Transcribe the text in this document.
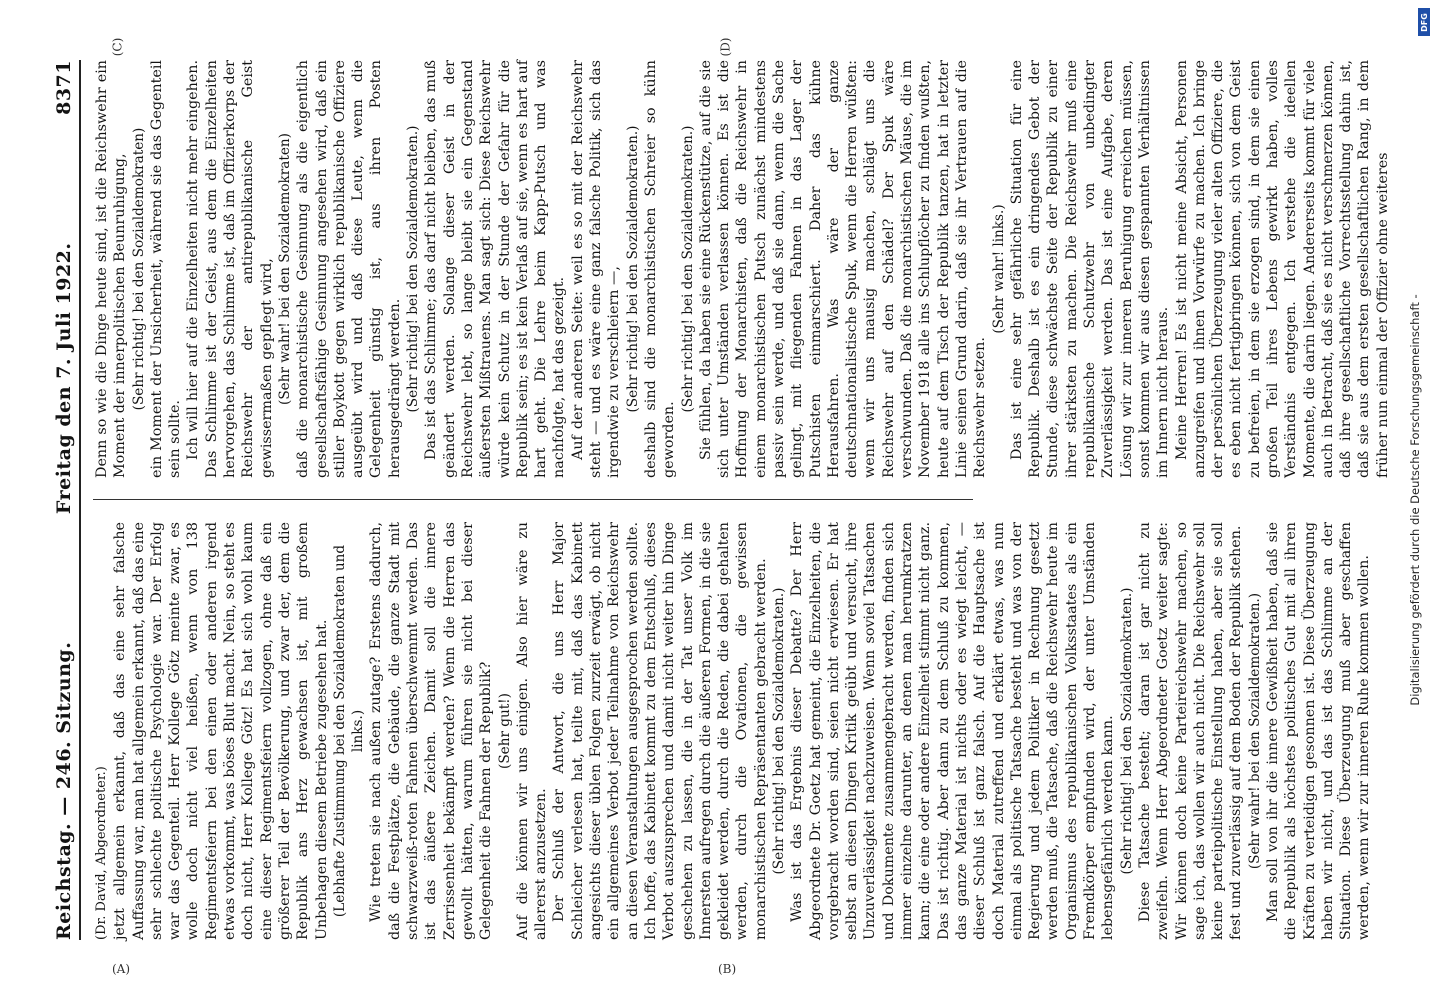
Reichstag. — 246. Sitzung.
Freitag den 7. Juli 1922.
8371

(Dr. David, Abgeordneter.) jetzt allgemein erkannt, daß das eine sehr falsche Auffassung war, man hat allgemein erkannt, daß das eine sehr schlechte politische Psychologie war. Der Erfolg war das Gegenteil. Herr Kollege Götz meinte zwar, es wolle doch nicht viel heißen, wenn von 138 Regimentsfeiern bei den einen oder anderen irgend etwas vorkommt, was böses Blut macht. Nein, so steht es doch nicht, Herr Kollege Götz! Es hat sich wohl kaum eine dieser Regimentsfeiern vollzogen, ohne daß ein größerer Teil der Bevölkerung, und zwar der, dem die Republik ans Herz gewachsen ist, mit großem Unbehagen diesem Betriebe zugesehen hat. (Lebhafte Zustimmung bei den Sozialdemokraten und links.) Wie treten sie nach außen zutage? Erstens dadurch, daß die Festplätze, die Gebäude, die ganze Stadt mit schwarzweiß-roten Fahnen überschwemmt werden. Das ist das äußere Zeichen. Damit soll die innere Zerrissenheit bekämpft werden? Wenn die Herren das gewollt hätten, warum führen sie nicht bei dieser Gelegenheit die Fahnen der Republik? (Sehr gut!) Auf die können wir uns einigen. Also hier wäre zu allererst anzusetzen. Der Schluß der Antwort, die uns Herr Major Schleicher verlesen hat, teilte mit, daß das Kabinett angesichts dieser üblen Folgen zurzeit erwägt, ob nicht ein allgemeines Verbot jeder Teilnahme von Reichswehr an diesen Veranstaltungen ausgesprochen werden sollte. Ich hoffe, das Kabinett kommt zu dem Entschluß, dieses Verbot auszusprechen und damit nicht weiter hin Dinge geschehen zu lassen, die in der Tat unser Volk im Innersten aufregen durch die äußeren Formen, in die sie gekleidet werden, durch die Reden, die dabei gehalten werden, durch die Ovationen, die gewissen monarchistischen Repräsentanten gebracht werden. (Sehr richtig! bei den Sozialdemokraten.) Was ist das Ergebnis dieser Debatte? Der Herr Abgeordnete Dr. Goetz hat gemeint, die Einzelheiten, die vorgebracht worden sind, seien nicht erwiesen. Er hat selbst an diesen Dingen Kritik geübt und versucht, ihre Unzuverlässigkeit nachzuweisen. Wenn soviel Tatsachen und Dokumente zusammengebracht werden, finden sich immer einzelne darunter, an denen man herumkratzen kann; die eine oder andere Einzelheit stimmt nicht ganz. Das ist richtig. Aber dann zu dem Schluß zu kommen, das ganze Material ist nichts oder es wiegt leicht, — dieser Schluß ist ganz falsch. Auf die Hauptsache ist doch Material zutreffend und erklärt etwas, was nun einmal als politische Tatsache besteht und was von der Regierung und jedem Politiker in Rechnung gesetzt werden muß, die Tatsache, daß die Reichswehr heute im Organismus des republikanischen Volksstaates als ein Fremdkörper empfunden wird, der unter Umständen lebensgefährlich werden kann. (Sehr richtig! bei den Sozialdemokraten.) Diese Tatsache besteht; daran ist gar nicht zu zweifeln. Wenn Herr Abgeordneter Goetz weiter sagte: Wir können doch keine Parteireichswehr machen, so sage ich, das wollen wir auch nicht. Die Reichswehr soll keine parteipolitische Einstellung haben, aber sie soll fest und zuverlässig auf dem Boden der Republik stehen. (Sehr wahr! bei den Sozialdemokraten.) Man soll von ihr die innere Gewißheit haben, daß sie die Republik als höchstes politisches Gut mit all ihren Kräften zu verteidigen gesonnen ist. Diese Überzeugung haben wir nicht, und das ist das Schlimme an der Situation. Diese Überzeugung muß aber geschaffen werden, wenn wir zur inneren Ruhe kommen wollen.

Denn so wie die Dinge heute sind, ist die Reichswehr ein Moment der innerpolitischen Beunruhigung, (Sehr richtig! bei den Sozialdemokraten) ein Moment der Unsicherheit, während sie das Gegenteil sein sollte. Ich will hier auf die Einzelheiten nicht mehr eingehen. Das Schlimme ist der Geist, aus dem die Einzelheiten hervorgehen, das Schlimme ist, daß im Offizierkorps der Reichswehr der antirepublikanische Geist gewissermaßen gepflegt wird, (Sehr wahr! bei den Sozialdemokraten) daß die monarchistische Gesinnung als die eigentlich gesellschaftsfähige Gesinnung angesehen wird, daß ein stiller Boykott gegen wirklich republikanische Offiziere ausgeübt wird und daß diese Leute, wenn die Gelegenheit günstig ist, aus ihren Posten herausgedrängt werden. (Sehr richtig! bei den Sozialdemokraten.) Das ist das Schlimme; das darf nicht bleiben, das muß geändert werden. Solange dieser Geist in der Reichswehr lebt, so lange bleibt sie ein Gegenstand äußersten Mißtrauens. Man sagt sich: Diese Reichswehr würde kein Schutz in der Stunde der Gefahr für die Republik sein; es ist kein Verlaß auf sie, wenn es hart auf hart geht. Die Lehre beim Kapp-Putsch und was nachfolgte, hat das gezeigt. Auf der anderen Seite: weil es so mit der Reichswehr steht — und es wäre eine ganz falsche Politik, sich das irgendwie zu verschleiern —, (Sehr richtig! bei den Sozialdemokraten.) deshalb sind die monarchistischen Schreier so kühn geworden.

(Sehr richtig! bei den Sozialdemokraten.) Sie fühlen, da haben sie eine Rückenstütze, auf die sie sich unter Umständen verlassen können. Es ist die Hoffnung der Monarchisten, daß die Reichswehr in einem monarchistischen Putsch zunächst mindestens passiv sein werde, und daß sie dann, wenn die Sache gelingt, mit fliegenden Fahnen in das Lager der Putschisten einmarschiert. Daher das kühne Herausfahren. Was wäre der ganze deutschnationalistische Spuk, wenn die Herren wüßten: wenn wir uns mausig machen, schlägt uns die Reichswehr auf den Schädel? Der Spuk wäre verschwunden. Daß die monarchistischen Mäuse, die im November 1918 alle ins Schlupflöcher zu finden wußten, heute auf dem Tisch der Republik tanzen, hat in letzter Linie seinen Grund darin, daß sie ihr Vertrauen auf die Reichswehr setzen.

(Sehr wahr! links.) Das ist eine sehr gefährliche Situation für eine Republik. Deshalb ist es ein dringendes Gebot der Stunde, diese schwächste Seite der Republik zu einer ihrer stärksten zu machen. Die Reichswehr muß eine republikanische Schutzwehr von unbedingter Zuverlässigkeit werden. Das ist eine Aufgabe, deren Lösung wir zur inneren Beruhigung erreichen müssen, sonst kommen wir aus diesen gespannten Verhältnissen im Innern nicht heraus. Meine Herren! Es ist nicht meine Absicht, Personen anzugreifen und ihnen Vorwürfe zu machen. Ich bringe der persönlichen Überzeugung vieler alten Offiziere, die es eben nicht fertigbringen können, sich von dem Geist zu befreien, in dem sie erzogen sind, in dem sie einen großen Teil ihres Lebens gewirkt haben, volles Verständnis entgegen. Ich verstehe die ideellen Momente, die darin liegen. Andererseits kommt für viele auch in Betracht, daß sie es nicht verschmerzen können, daß ihre gesellschaftliche Vorrechtsstellung dahin ist, daß sie aus dem ersten gesellschaftlichen Rang, in dem früher nun einmal der Offizier ohne weiteres

(A)	(B)
(C)	(D)
Digitalisierung gefördert durch die Deutsche Forschungsgemeinschaft -
DFG
